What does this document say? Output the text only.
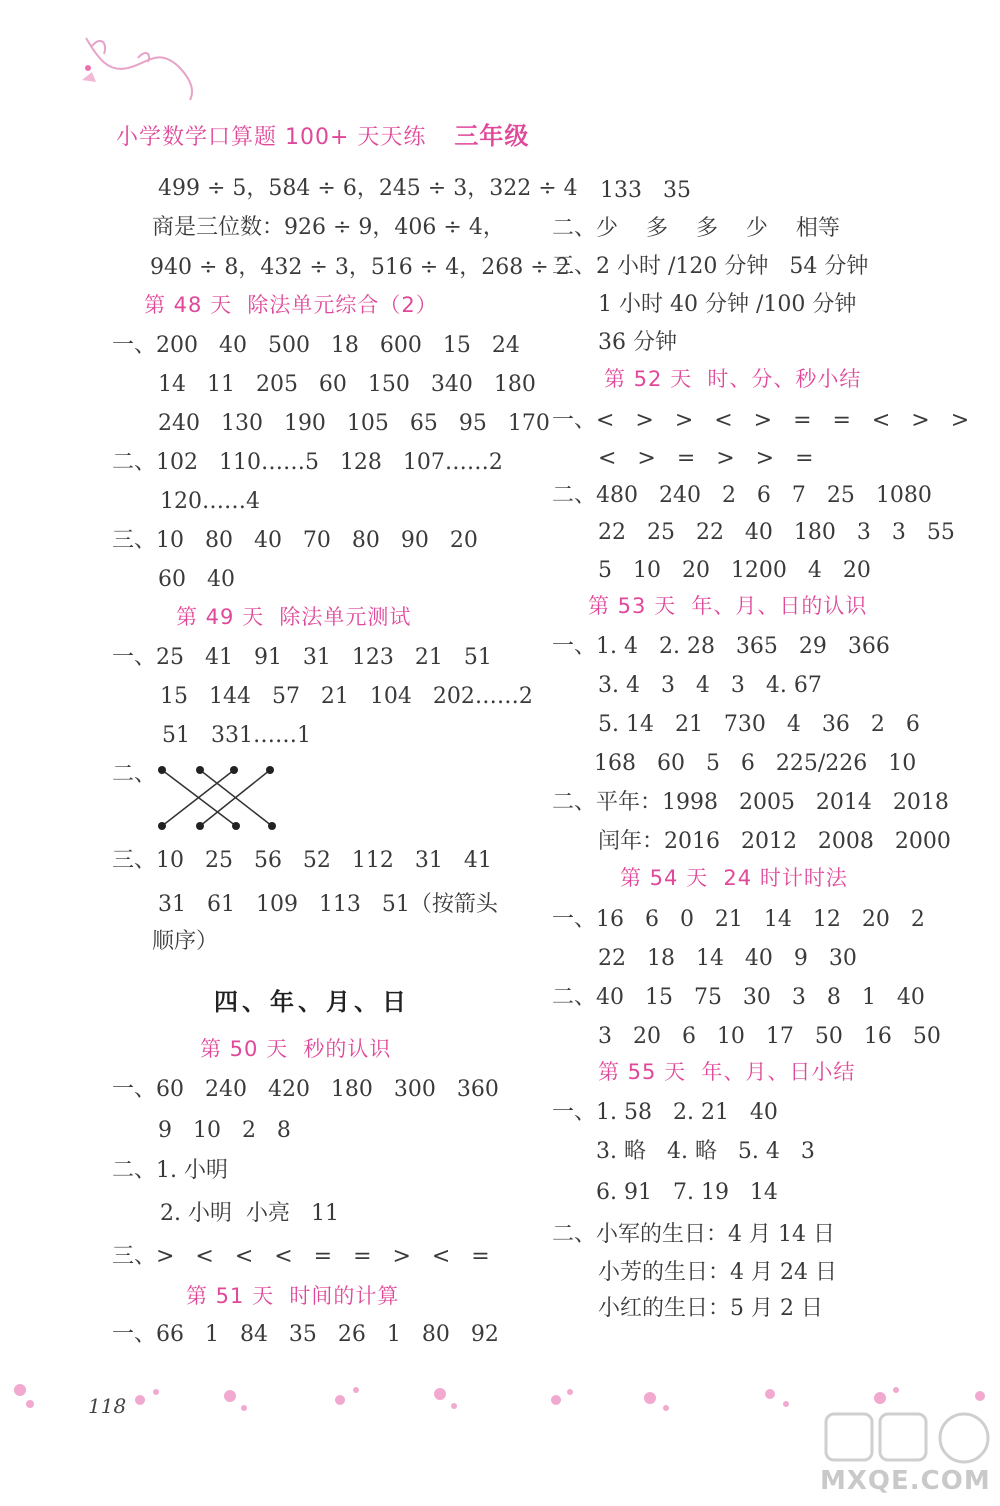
小学数学口算题 100+ 天天练 三年级
499 ÷ 5，584 ÷ 6，245 ÷ 3，322 ÷ 4
商是三位数：926 ÷ 9，406 ÷ 4，
940 ÷ 8，432 ÷ 3，516 ÷ 4，268 ÷ 2
第 48 天  除法单元综合（2）
一、200   40   500   18   600   15   24
14   11   205   60   150   340   180
240   130   190   105   65   95   170
二、102   110……5   128   107……2
120……4
三、10   80   40   70   80   90   20
60   40
第 49 天  除法单元测试
一、25   41   91   31   123   21   51
15   144   57   21   104   202……2
51   331……1
二、
三、10   25   56   52   112   31   41
31   61   109   113   51（按箭头
顺序）
四、年、月、日
第 50 天  秒的认识
一、60   240   420   180   300   360
9   10   2   8
二、1. 小明
2. 小明  小亮   11
三、>   <   <   <   =   =   >   <   =
第 51 天  时间的计算
一、66   1   84   35   26   1   80   92
133   35
二、少    多    多    少    相等
三、2 小时 /120 分钟   54 分钟
1 小时 40 分钟 /100 分钟
36 分钟
第 52 天  时、分、秒小结
一、<   >   >   <   >   =   =   <   >   >
<   >   =   >   >   =
二、480   240   2   6   7   25   1080
22   25   22   40   180   3   3   55
5   10   20   1200   4   20
第 53 天  年、月、日的认识
一、1. 4   2. 28   365   29   366
3. 4   3   4   3   4. 67
5. 14   21   730   4   36   2   6
168   60   5   6   225/226   10
二、平年：1998   2005   2014   2018
闰年：2016   2012   2008   2000
第 54 天  24 时计时法
一、16   6   0   21   14   12   20   2
22   18   14   40   9   30
二、40   15   75   30   3   8   1   40
3   20   6   10   17   50   16   50
第 55 天  年、月、日小结
一、1. 58   2. 21   40
3. 略   4. 略   5. 4   3
6. 91   7. 19   14
二、小军的生日：4 月 14 日
小芳的生日：4 月 24 日
小红的生日：5 月 2 日
118
MXQE.COM
